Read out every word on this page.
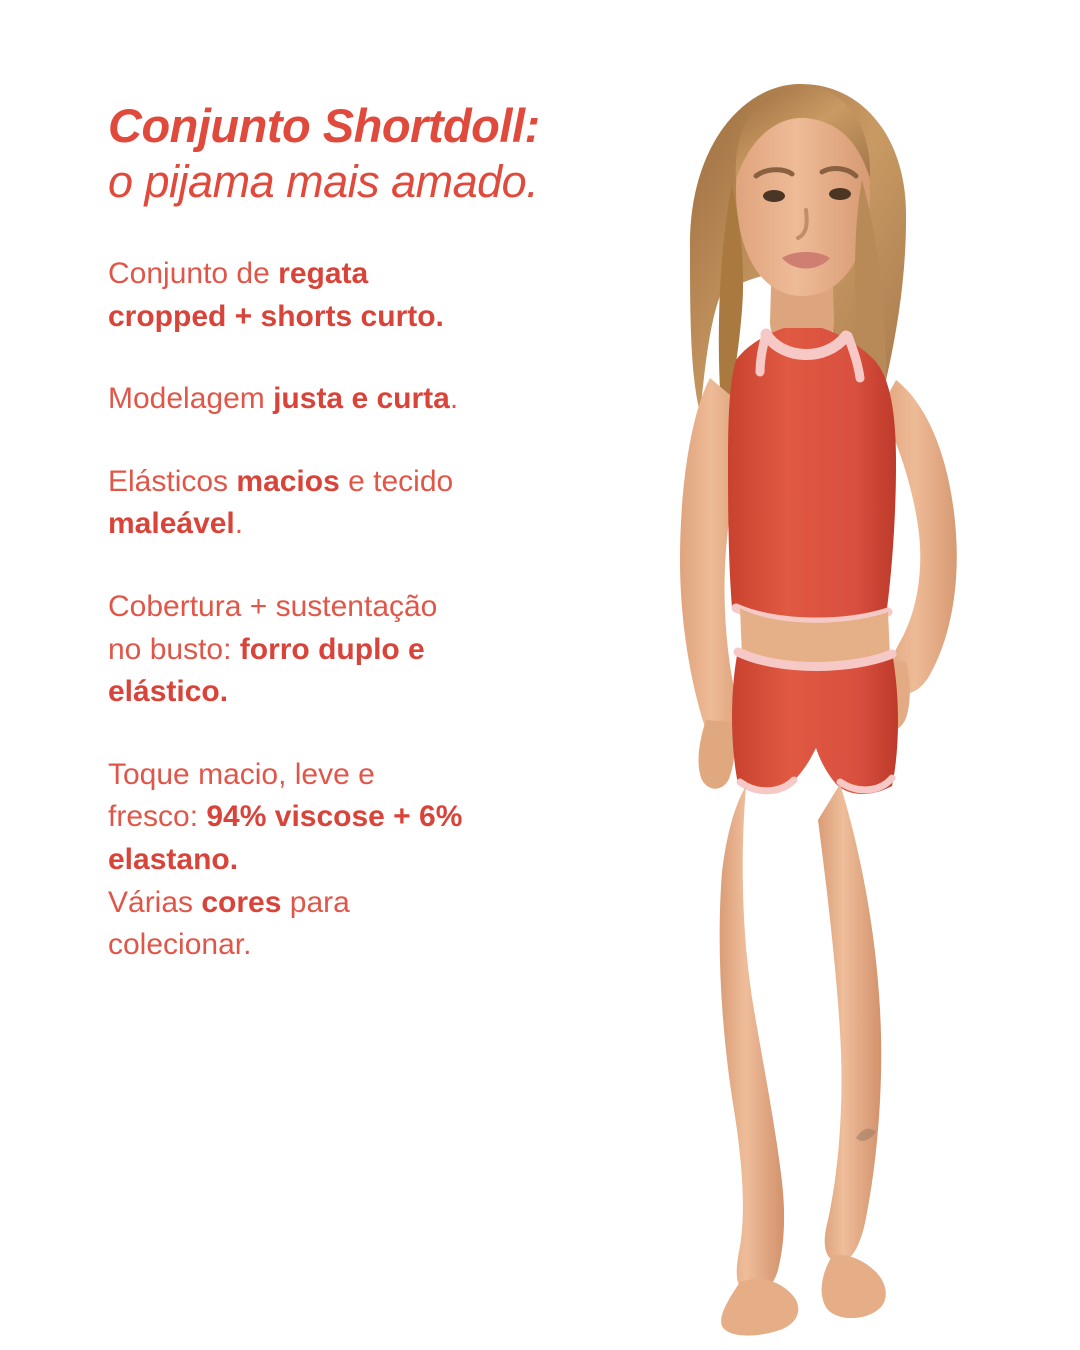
Conjunto Shortdoll:
o pijama mais amado.
Conjunto de regata
cropped + shorts curto.
Modelagem justa e curta.
Elásticos macios e tecido
maleável.
Cobertura + sustentação
no busto: forro duplo e
elástico.
Toque macio, leve e
fresco: 94% viscose + 6%
elastano.
Várias cores para
colecionar.
